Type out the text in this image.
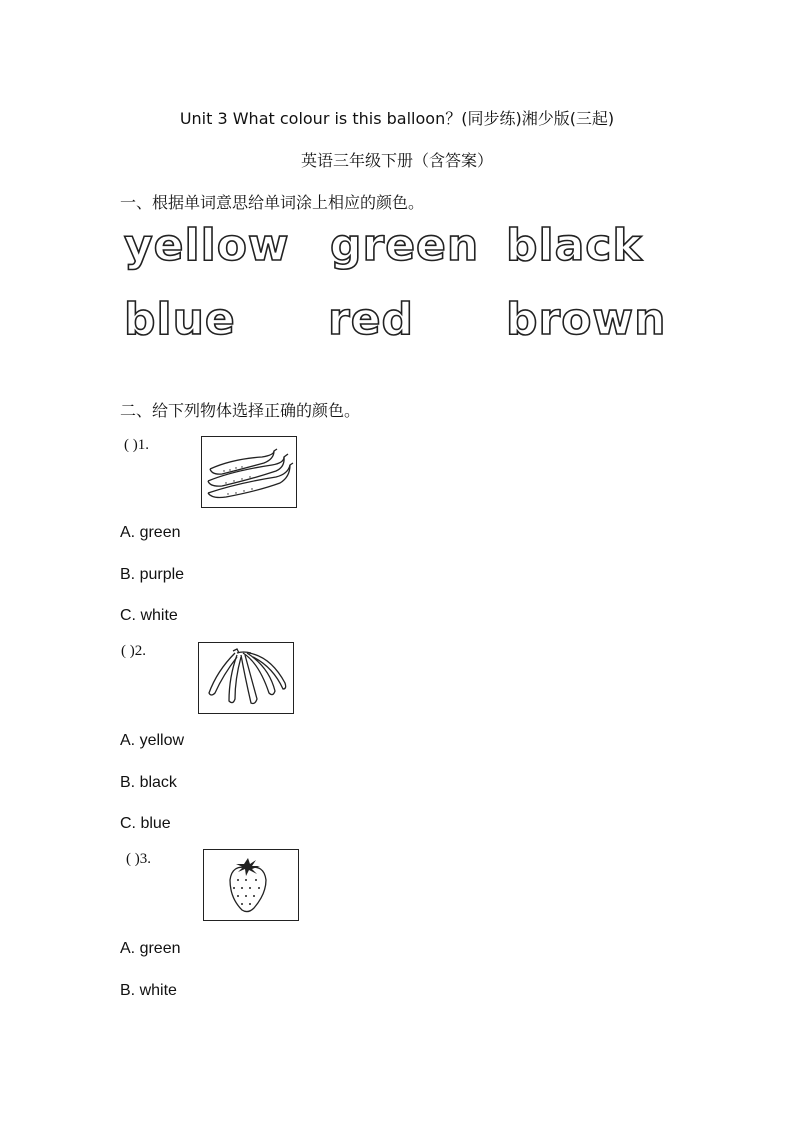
Unit 3 What colour is this balloon？(同步练)湘少版(三起)
英语三年级下册（含答案）
一、根据单词意思给单词涂上相应的颜色。
yellow green black
blue red brown
二、给下列物体选择正确的颜色。
( )1.
A. green
B. purple
C. white
( )2.
A. yellow
B. black
C. blue
( )3.
A. green
B. white
